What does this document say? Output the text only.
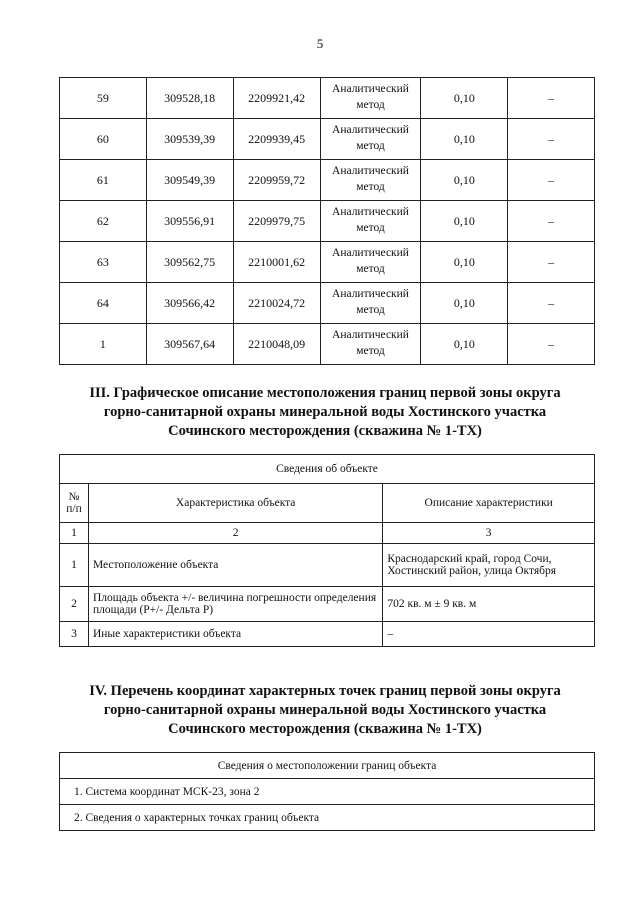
5
59	309528,18	2209921,42	Аналитический метод	0,10	–
60	309539,39	2209939,45	Аналитический метод	0,10	–
61	309549,39	2209959,72	Аналитический метод	0,10	–
62	309556,91	2209979,75	Аналитический метод	0,10	–
63	309562,75	2210001,62	Аналитический метод	0,10	–
64	309566,42	2210024,72	Аналитический метод	0,10	–
1	309567,64	2210048,09	Аналитический метод	0,10	–
III. Графическое описание местоположения границ первой зоны округа
горно-санитарной охраны минеральной воды Хостинского участка
Сочинского месторождения (скважина № 1-ТХ)
Сведения об объекте		
№ п/п	Характеристика объекта	Описание характеристики
1	2	3
1	Местоположение объекта	Краснодарский край, город Сочи, Хостинский район, улица Октября
2	Площадь объекта +/- величина погрешности определения площади (Р+/- Дельта Р)	702 кв. м ± 9 кв. м
3	Иные характеристики объекта	–
IV. Перечень координат характерных точек границ первой зоны округа
горно-санитарной охраны минеральной воды Хостинского участка
Сочинского месторождения (скважина № 1-ТХ)
Сведения о местоположении границ объекта
1. Система координат МСК-23, зона 2
2. Сведения о характерных точках границ объекта
